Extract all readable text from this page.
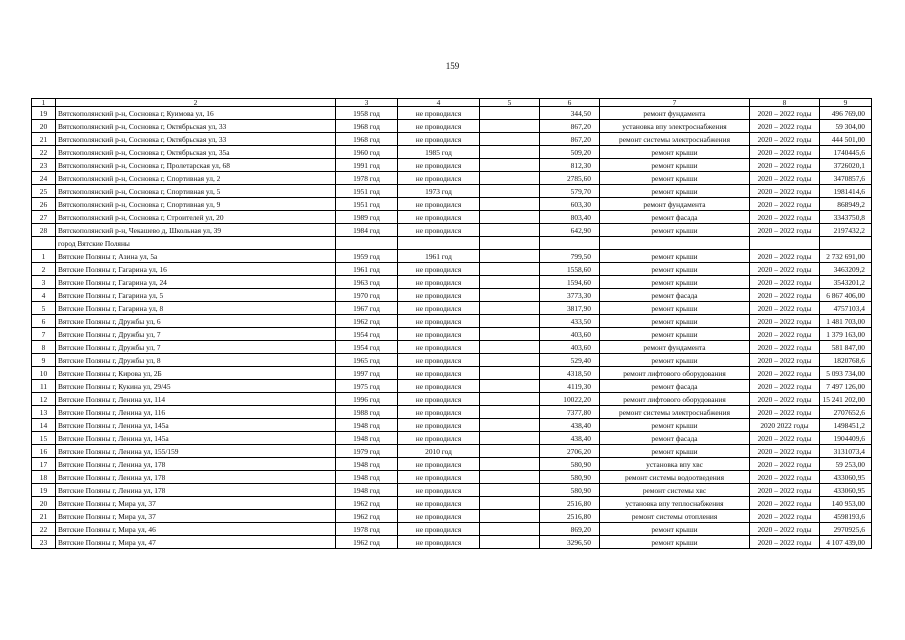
159
1	2	3	4	5	6	7	8	9
19	Вятскополянский р-н, Сосновка г, Куимова ул, 16	1958 год	не проводился		344,50	ремонт фундамента	2020 – 2022 годы	496 769,00
20	Вятскополянский р-н, Сосновка г, Октябрьская ул, 33	1968 год	не проводился		867,20	установка впу электроснабжения	2020 – 2022 годы	59 304,00
21	Вятскополянский р-н, Сосновка г, Октябрьская ул, 33	1968 год	не проводился		867,20	ремонт системы электроснабжения	2020 – 2022 годы	444 501,00
22	Вятскополянский р-н, Сосновка г, Октябрьская ул, 35а	1960 год	1985 год		509,20	ремонт крыши	2020 – 2022 годы	1740445,6
23	Вятскополянский р-н, Сосновка г, Пролетарская ул, 68	1991 год	не проводился		812,30	ремонт крыши	2020 – 2022 годы	3726020,1
24	Вятскополянский р-н, Сосновка г, Спортивная ул, 2	1978 год	не проводился		2785,60	ремонт крыши	2020 – 2022 годы	3470857,6
25	Вятскополянский р-н, Сосновка г, Спортивная ул, 5	1951 год	1973 год		579,70	ремонт крыши	2020 – 2022 годы	1981414,6
26	Вятскополянский р-н, Сосновка г, Спортивная ул, 9	1951 год	не проводился		603,30	ремонт фундамента	2020 – 2022 годы	868949,2
27	Вятскополянский р-н, Сосновка г, Строителей ул, 20	1989 год	не проводился		803,40	ремонт фасада	2020 – 2022 годы	3343750,8
28	Вятскополянский р-н, Чекашево д, Школьная ул, 39	1984 год	не проводился		642,90	ремонт крыши	2020 – 2022 годы	2197432,2
	город Вятские Поляны							
1	Вятские Поляны г, Азина ул, 5а	1959 год	1961 год		799,50	ремонт крыши	2020 – 2022 годы	2 732 691,00
2	Вятские Поляны г, Гагарина ул, 16	1961 год	не проводился		1558,60	ремонт крыши	2020 – 2022 годы	3463209,2
3	Вятские Поляны г, Гагарина ул, 24	1963 год	не проводился		1594,60	ремонт крыши	2020 – 2022 годы	3543201,2
4	Вятские Поляны г, Гагарина ул, 5	1970 год	не проводился		3773,30	ремонт фасада	2020 – 2022 годы	6 867 406,00
5	Вятские Поляны г, Гагарина ул, 8	1967 год	не проводился		3817,90	ремонт крыши	2020 – 2022 годы	4757103,4
6	Вятские Поляны г, Дружбы ул, 6	1962 год	не проводился		433,50	ремонт крыши	2020 – 2022 годы	1 481 703,00
7	Вятские Поляны г, Дружбы ул, 7	1954 год	не проводился		403,60	ремонт крыши	2020 – 2022 годы	1 379 163,00
8	Вятские Поляны г, Дружбы ул, 7	1954 год	не проводился		403,60	ремонт фундамента	2020 – 2022 годы	581 847,00
9	Вятские Поляны г, Дружбы ул, 8	1965 год	не проводился		529,40	ремонт крыши	2020 – 2022 годы	1820768,6
10	Вятские Поляны г, Кирова ул, 2Б	1997 год	не проводился		4318,50	ремонт лифтового оборудования	2020 – 2022 годы	5 093 734,00
11	Вятские Поляны г, Кукина ул, 29/45	1975 год	не проводился		4119,30	ремонт фасада	2020 – 2022 годы	7 497 126,00
12	Вятские Поляны г, Ленина ул, 114	1996 год	не проводился		10022,20	ремонт лифтового оборудования	2020 – 2022 годы	15 241 202,00
13	Вятские Поляны г, Ленина ул, 116	1988 год	не проводился		7377,80	ремонт системы электроснабжения	2020 – 2022 годы	2707652,6
14	Вятские Поляны г, Ленина ул, 145а	1948 год	не проводился		438,40	ремонт крыши	2020 2022 годы	1498451,2
15	Вятские Поляны г, Ленина ул, 145а	1948 год	не проводился		438,40	ремонт фасада	2020 – 2022 годы	1904409,6
16	Вятские Поляны г, Ленина ул, 155/159	1979 год	2010 год		2706,20	ремонт крыши	2020 – 2022 годы	3131073,4
17	Вятские Поляны г, Ленина ул, 178	1948 год	не проводился		580,90	установка впу хвс	2020 – 2022 годы	59 253,00
18	Вятские Поляны г, Ленина ул, 178	1948 год	не проводился		580,90	ремонт системы водоотведения	2020 – 2022 годы	433060,95
19	Вятские Поляны г, Ленина ул, 178	1948 год	не проводился		580,90	ремонт системы хвс	2020 – 2022 годы	433060,95
20	Вятские Поляны г, Мира ул, 37	1962 год	не проводился		2516,80	установка впу теплоснабжения	2020 – 2022 годы	140 953,00
21	Вятские Поляны г, Мира ул, 37	1962 год	не проводился		2516,80	ремонт системы отопления	2020 – 2022 годы	4598193,6
22	Вятские Поляны г, Мира ул, 46	1978 год	не проводился		869,20	ремонт крыши	2020 – 2022 годы	2970925,6
23	Вятские Поляны г, Мира ул, 47	1962 год	не проводился		3296,50	ремонт крыши	2020 – 2022 годы	4 107 439,00
